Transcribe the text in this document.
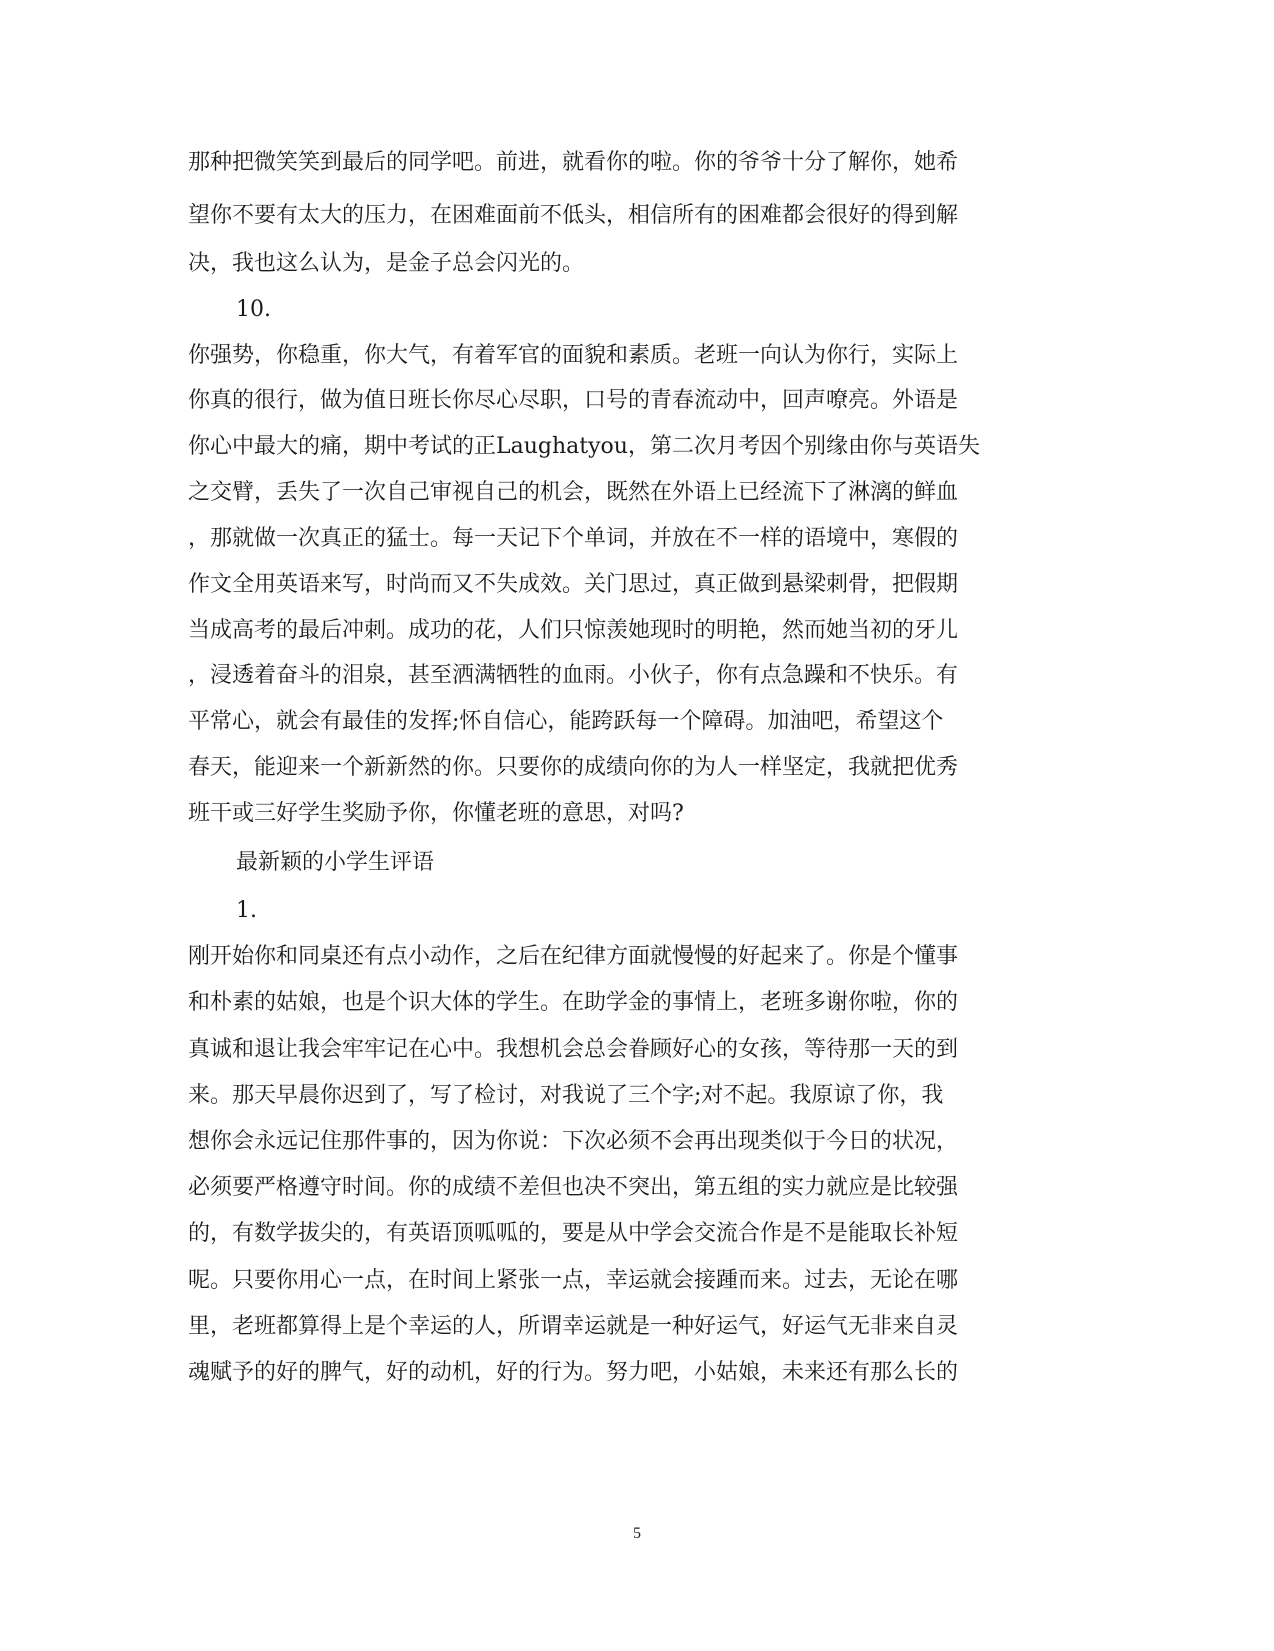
那种把微笑笑到最后的同学吧。前进，就看你的啦。你的爷爷十分了解你，她希
望你不要有太大的压力，在困难面前不低头，相信所有的困难都会很好的得到解
决，我也这么认为，是金子总会闪光的。
10.
你强势，你稳重，你大气，有着军官的面貌和素质。老班一向认为你行，实际上
你真的很行，做为值日班长你尽心尽职，口号的青春流动中，回声嘹亮。外语是
你心中最大的痛，期中考试的正Laughatyou，第二次月考因个别缘由你与英语失
之交臂，丢失了一次自己审视自己的机会，既然在外语上已经流下了淋漓的鲜血
，那就做一次真正的猛士。每一天记下个单词，并放在不一样的语境中，寒假的
作文全用英语来写，时尚而又不失成效。关门思过，真正做到悬梁刺骨，把假期
当成高考的最后冲刺。成功的花，人们只惊羡她现时的明艳，然而她当初的牙儿
，浸透着奋斗的泪泉，甚至洒满牺牲的血雨。小伙子，你有点急躁和不快乐。有
平常心，就会有最佳的发挥;怀自信心，能跨跃每一个障碍。加油吧，希望这个
春天，能迎来一个新新然的你。只要你的成绩向你的为人一样坚定，我就把优秀
班干或三好学生奖励予你，你懂老班的意思，对吗?
最新颖的小学生评语
1.
刚开始你和同桌还有点小动作，之后在纪律方面就慢慢的好起来了。你是个懂事
和朴素的姑娘，也是个识大体的学生。在助学金的事情上，老班多谢你啦，你的
真诚和退让我会牢牢记在心中。我想机会总会眷顾好心的女孩，等待那一天的到
来。那天早晨你迟到了，写了检讨，对我说了三个字;对不起。我原谅了你，我
想你会永远记住那件事的，因为你说：下次必须不会再出现类似于今日的状况，
必须要严格遵守时间。你的成绩不差但也决不突出，第五组的实力就应是比较强
的，有数学拔尖的，有英语顶呱呱的，要是从中学会交流合作是不是能取长补短
呢。只要你用心一点，在时间上紧张一点，幸运就会接踵而来。过去，无论在哪
里，老班都算得上是个幸运的人，所谓幸运就是一种好运气，好运气无非来自灵
魂赋予的好的脾气，好的动机，好的行为。努力吧，小姑娘，未来还有那么长的
5
